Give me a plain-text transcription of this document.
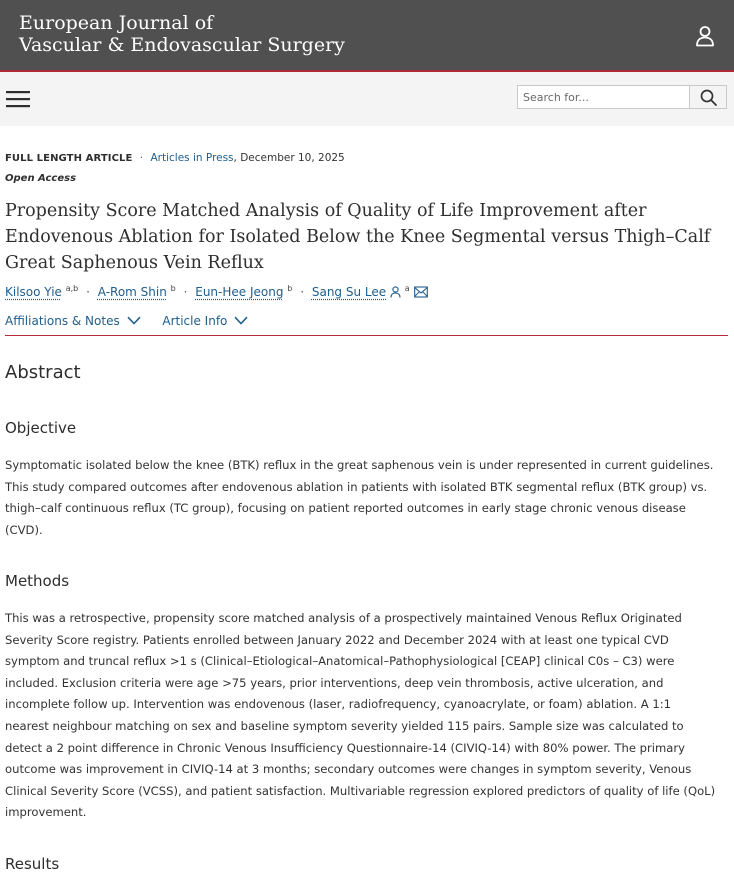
European Journal of
Vascular & Endovascular Surgery
Search for...
FULL LENGTH ARTICLE · Articles in Press, December 10, 2025
Open Access
Propensity Score Matched Analysis of Quality of Life Improvement after Endovenous Ablation for Isolated Below the Knee Segmental versus Thigh–Calf Great Saphenous Vein Reflux
Kilsoo Yie $^{a,b}$ · A-Rom Shin $^b$ · Eun-Hee Jeong $^b$ · Sang Su Lee $^a$
Affiliations & Notes	Article Info
Abstract
Objective

Symptomatic isolated below the knee (BTK) reflux in the great saphenous vein is under represented in current guidelines. This study compared outcomes after endovenous ablation in patients with isolated BTK segmental reflux (BTK group) vs. thigh–calf continuous reflux (TC group), focusing on patient reported outcomes in early stage chronic venous disease (CVD).

Methods

This was a retrospective, propensity score matched analysis of a prospectively maintained Venous Reflux Originated Severity Score registry. Patients enrolled between January 2022 and December 2024 with at least one typical CVD symptom and truncal reflux >1 s (Clinical–Etiological–Anatomical–Pathophysiological [CEAP] clinical C0s – C3) were included. Exclusion criteria were age >75 years, prior interventions, deep vein thrombosis, active ulceration, and incomplete follow up. Intervention was endovenous (laser, radiofrequency, cyanoacrylate, or foam) ablation. A 1:1 nearest neighbour matching on sex and baseline symptom severity yielded 115 pairs. Sample size was calculated to detect a 2 point difference in Chronic Venous Insufficiency Questionnaire-14 (CIVIQ-14) with 80% power. The primary outcome was improvement in CIVIQ-14 at 3 months; secondary outcomes were changes in symptom severity, Venous Clinical Severity Score (VCSS), and patient satisfaction. Multivariable regression explored predictors of quality of life (QoL) improvement.

Results
